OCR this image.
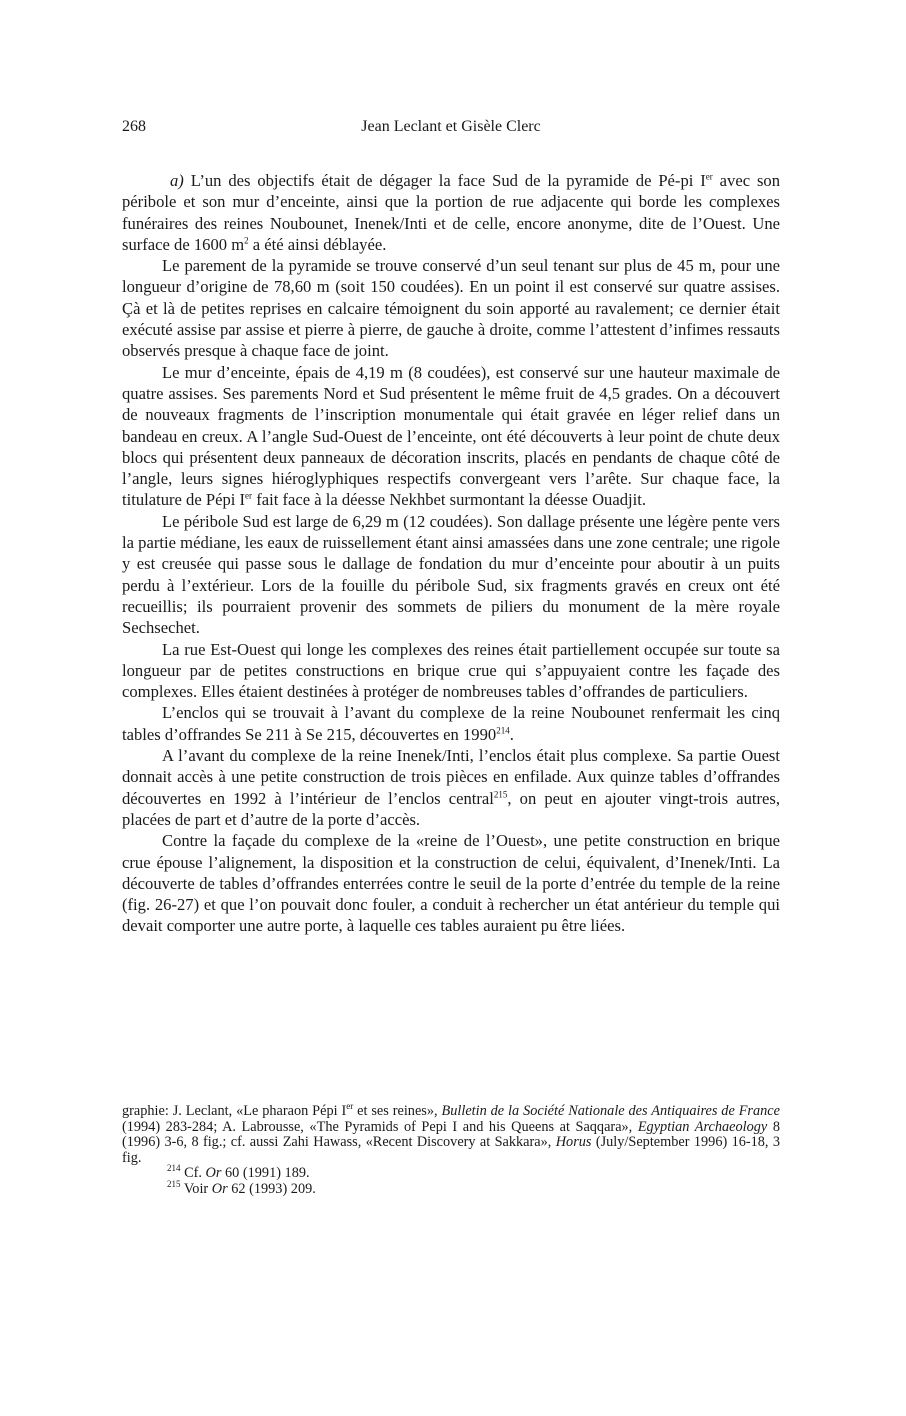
268	Jean Leclant et Gisèle Clerc

a) L’un des objectifs était de dégager la face Sud de la pyramide de Pé-pi Ier avec son péribole et son mur d’enceinte, ainsi que la portion de rue adjacente qui borde les complexes funéraires des reines Noubounet, Inenek/Inti et de celle, encore anonyme, dite de l’Ouest. Une surface de 1600 $m^2$ a été ainsi déblayée.

Le parement de la pyramide se trouve conservé d’un seul tenant sur plus de 45 m, pour une longueur d’origine de 78,60 m (soit 150 coudées). En un point il est conservé sur quatre assises. Çà et là de petites reprises en calcaire témoignent du soin apporté au ravalement; ce dernier était exécuté assise par assise et pierre à pierre, de gauche à droite, comme l’attestent d’infimes ressauts observés presque à chaque face de joint.

Le mur d’enceinte, épais de 4,19 m (8 coudées), est conservé sur une hauteur maximale de quatre assises. Ses parements Nord et Sud présentent le même fruit de 4,5 grades. On a découvert de nouveaux fragments de l’inscription monumentale qui était gravée en léger relief dans un bandeau en creux. A l’angle Sud-Ouest de l’enceinte, ont été découverts à leur point de chute deux blocs qui présentent deux panneaux de décoration inscrits, placés en pendants de chaque côté de l’angle, leurs signes hiéroglyphiques respectifs convergeant vers l’arête. Sur chaque face, la titulature de Pépi Ier fait face à la déesse Nekhbet surmontant la déesse Ouadjit.

Le péribole Sud est large de 6,29 m (12 coudées). Son dallage présente une légère pente vers la partie médiane, les eaux de ruissellement étant ainsi amassées dans une zone centrale; une rigole y est creusée qui passe sous le dallage de fondation du mur d’enceinte pour aboutir à un puits perdu à l’extérieur. Lors de la fouille du péribole Sud, six fragments gravés en creux ont été recueillis; ils pourraient provenir des sommets de piliers du monument de la mère royale Sechsechet.

La rue Est-Ouest qui longe les complexes des reines était partiellement occupée sur toute sa longueur par de petites constructions en brique crue qui s’appuyaient contre les façade des complexes. Elles étaient destinées à protéger de nombreuses tables d’offrandes de particuliers.

L’enclos qui se trouvait à l’avant du complexe de la reine Noubounet renfermait les cinq tables d’offrandes Se 211 à Se 215, découvertes en 1990$^{214}$.

A l’avant du complexe de la reine Inenek/Inti, l’enclos était plus complexe. Sa partie Ouest donnait accès à une petite construction de trois pièces en enfilade. Aux quinze tables d’offrandes découvertes en 1992 à l’intérieur de l’enclos central$^{215}$, on peut en ajouter vingt-trois autres, placées de part et d’autre de la porte d’accès.

Contre la façade du complexe de la «reine de l’Ouest», une petite construction en brique crue épouse l’alignement, la disposition et la construction de celui, équivalent, d’Inenek/Inti. La découverte de tables d’offrandes enterrées contre le seuil de la porte d’entrée du temple de la reine (fig. 26-27) et que l’on pouvait donc fouler, a conduit à rechercher un état antérieur du temple qui devait comporter une autre porte, à laquelle ces tables auraient pu être liées.

graphie: J. Leclant, «Le pharaon Pépi Ier et ses reines», Bulletin de la Société Nationale des Antiquaires de France (1994) 283-284; A. Labrousse, «The Pyramids of Pepi I and his Queens at Saqqara», Egyptian Archaeology 8 (1996) 3-6, 8 fig.; cf. aussi Zahi Hawass, «Recent Discovery at Sakkara», Horus (July/September 1996) 16-18, 3 fig.

$^{214}$ Cf. Or 60 (1991) 189.

$^{215}$ Voir Or 62 (1993) 209.
